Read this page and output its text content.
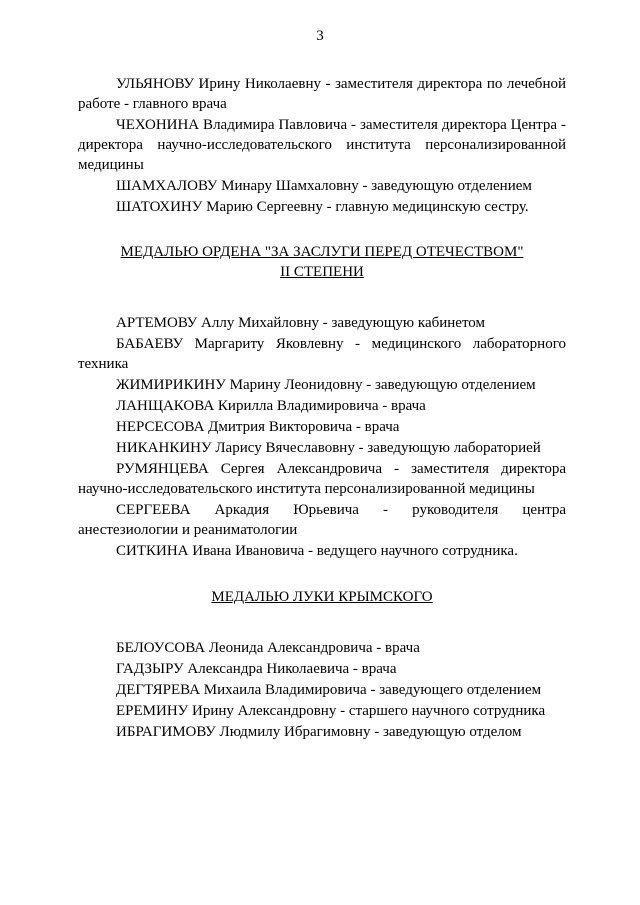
3

УЛЬЯНОВУ Ирину Николаевну - заместителя директора по лечебной работе - главного врача

ЧЕХОНИНА Владимира Павловича - заместителя директора Центра - директора научно-исследовательского института персонализированной медицины

ШАМХАЛОВУ Минару Шамхаловну - заведующую отделением

ШАТОХИНУ Марию Сергеевну - главную медицинскую сестру.

МЕДАЛЬЮ ОРДЕНА "ЗА ЗАСЛУГИ ПЕРЕД ОТЕЧЕСТВОМ"

II СТЕПЕНИ

АРТЕМОВУ Аллу Михайловну - заведующую кабинетом

БАБАЕВУ Маргариту Яковлевну - медицинского лабораторного техника

ЖИМИРИКИНУ Марину Леонидовну - заведующую отделением

ЛАНЩАКОВА Кирилла Владимировича - врача

НЕРСЕСОВА Дмитрия Викторовича - врача

НИКАНКИНУ Ларису Вячеславовну - заведующую лабораторией

РУМЯНЦЕВА Сергея Александровича - заместителя директора научно-исследовательского института персонализированной медицины

СЕРГЕЕВА Аркадия Юрьевича - руководителя центра анестезиологии и реаниматологии

СИТКИНА Ивана Ивановича - ведущего научного сотрудника.

МЕДАЛЬЮ ЛУКИ КРЫМСКОГО

БЕЛОУСОВА Леонида Александровича - врача

ГАДЗЫРУ Александра Николаевича - врача

ДЕГТЯРЕВА Михаила Владимировича - заведующего отделением

ЕРЕМИНУ Ирину Александровну - старшего научного сотрудника

ИБРАГИМОВУ Людмилу Ибрагимовну - заведующую отделом
